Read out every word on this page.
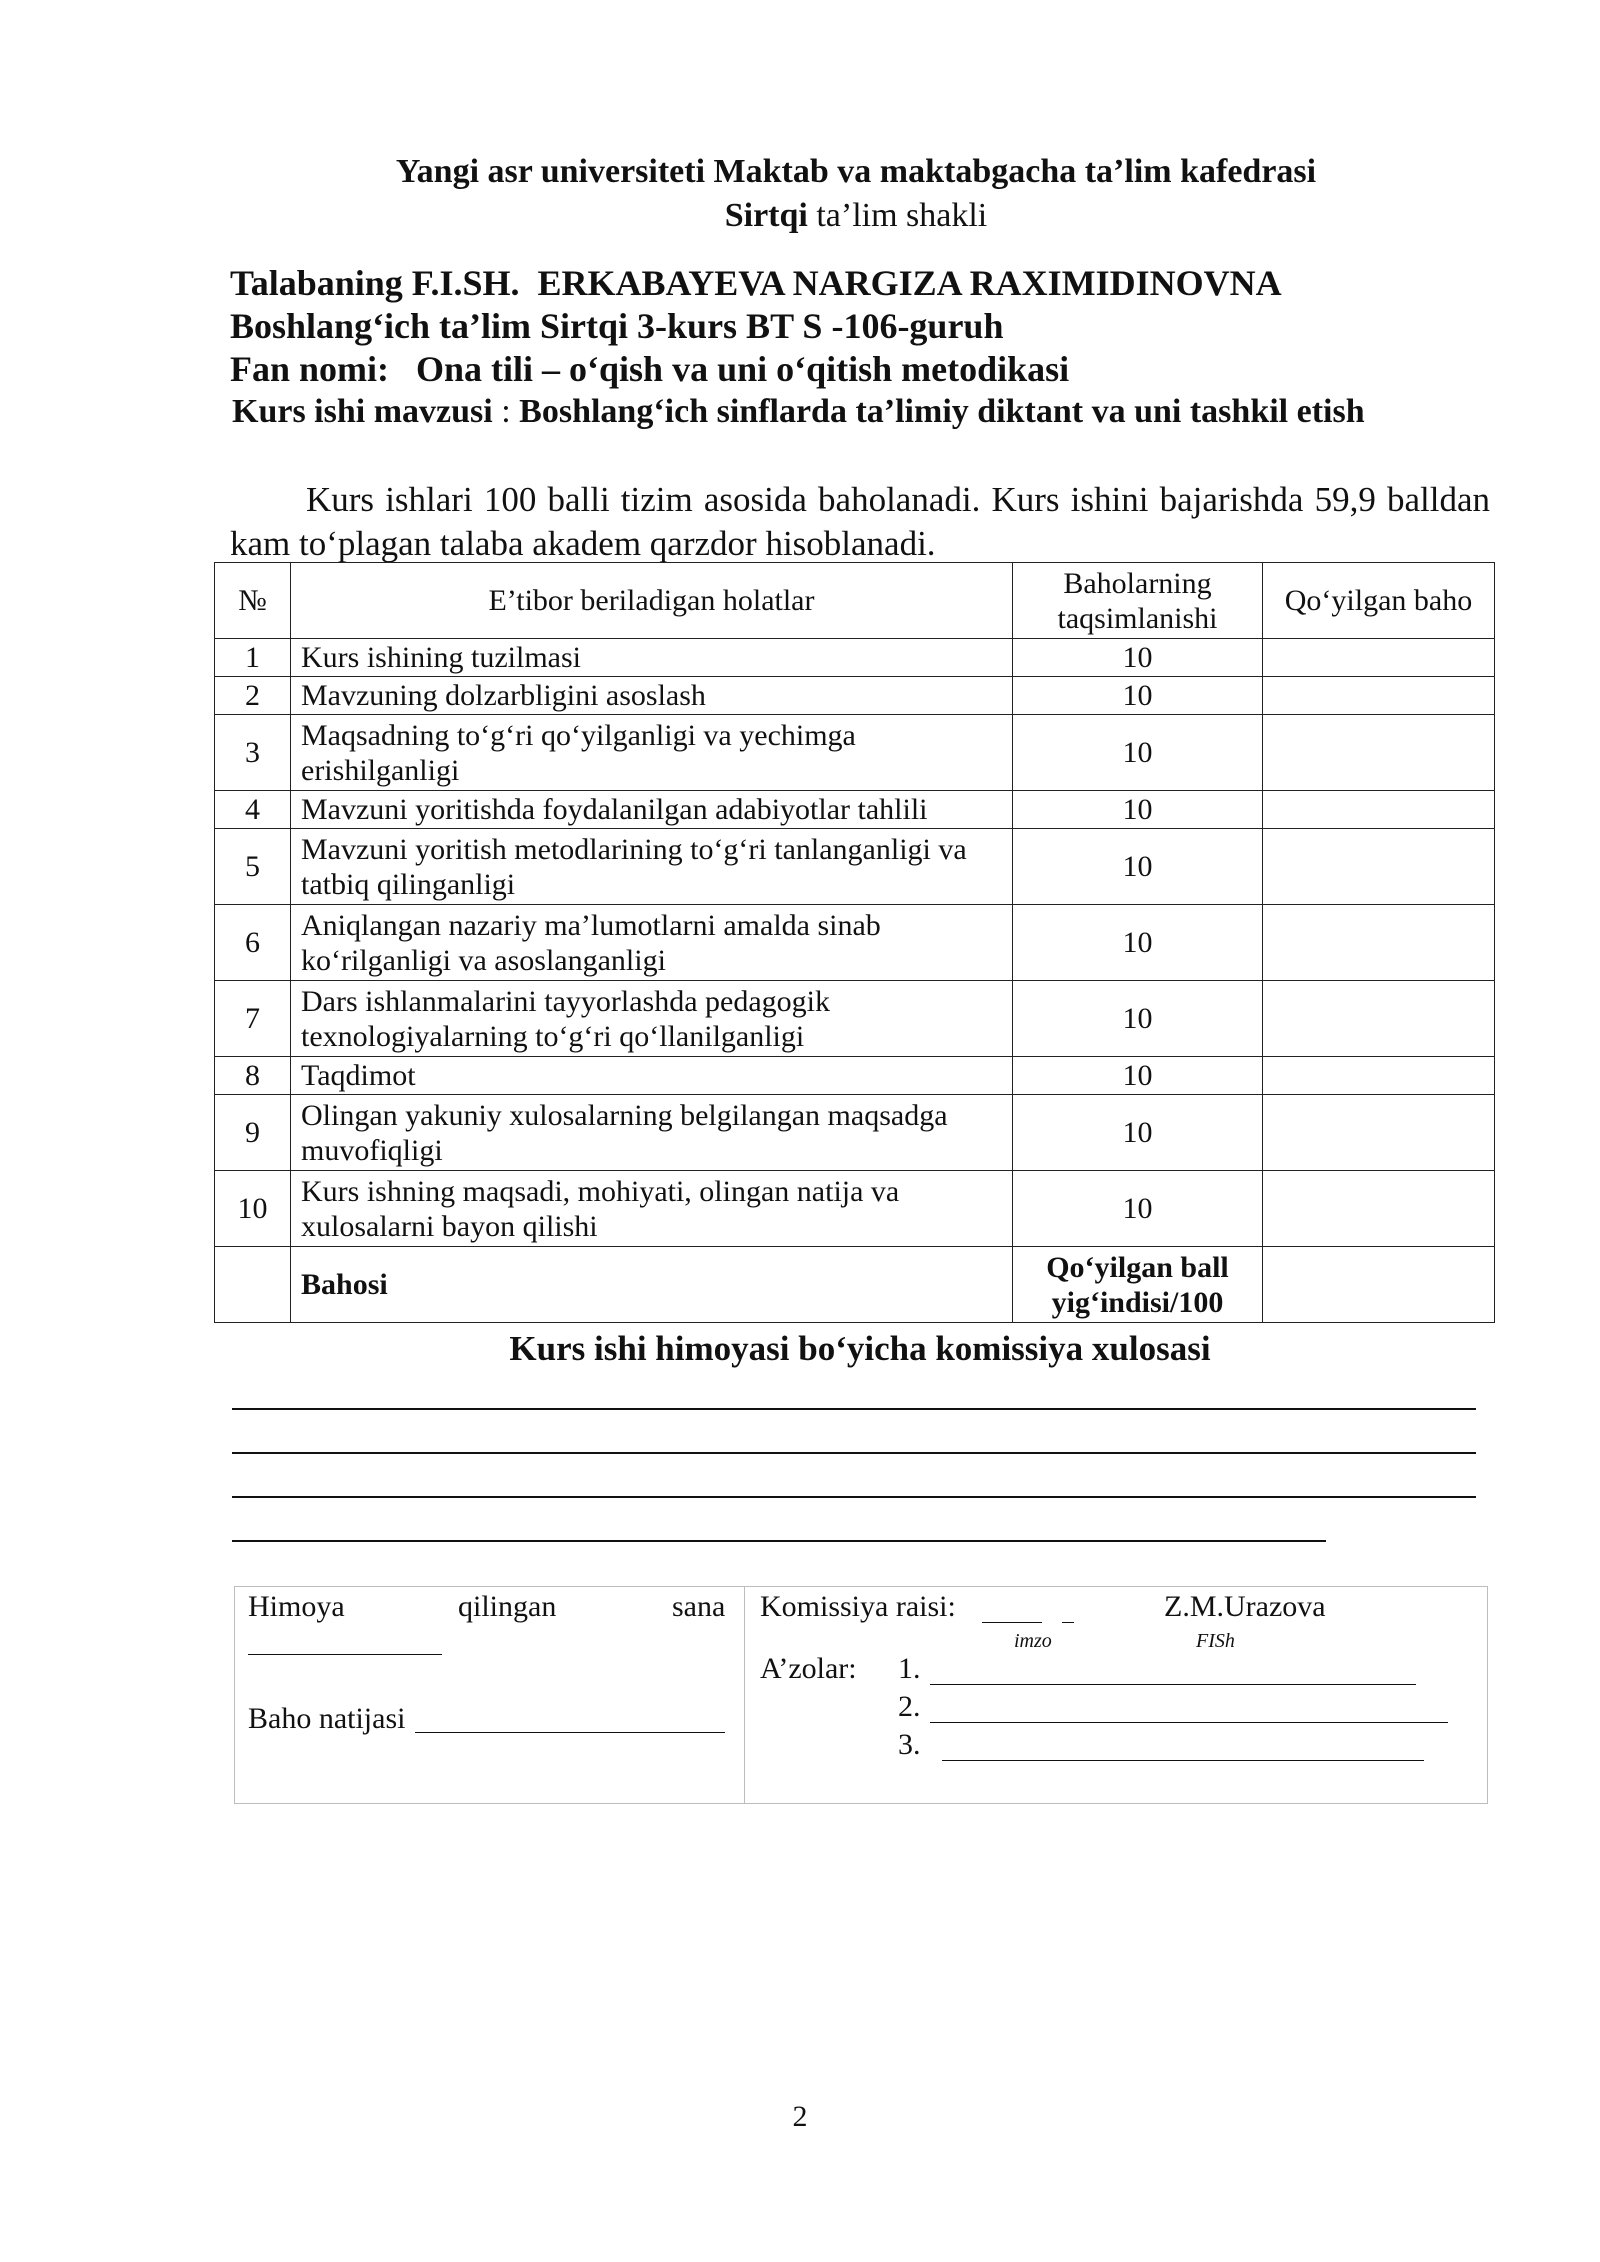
Yangi asr universiteti Maktab va maktabgacha ta’lim kafedrasi
Sirtqi ta’lim shakli
Talabaning F.I.SH. ERKABAYEVA NARGIZA RAXIMIDINOVNA
Boshlang‘ich ta’lim Sirtqi 3-kurs BT S -106-guruh
Fan nomi: Ona tili – o‘qish va uni o‘qitish metodikasi
Kurs ishi mavzusi : Boshlang‘ich sinflarda ta’limiy diktant va uni tashkil etish

Kurs ishlari 100 balli tizim asosida baholanadi. Kurs ishini bajarishda 59,9 balldan kam to‘plagan talaba akadem qarzdor hisoblanadi.

№	E’tibor beriladigan holatlar	Baholarning taqsimlanishi	Qo‘yilgan baho
1	Kurs ishining tuzilmasi	10	
2	Mavzuning dolzarbligini asoslash	10	
3	Maqsadning to‘g‘ri qo‘yilganligi va yechimga erishilganligi	10	
4	Mavzuni yoritishda foydalanilgan adabiyotlar tahlili	10	
5	Mavzuni yoritish metodlarining to‘g‘ri tanlanganligi va tatbiq qilinganligi	10	
6	Aniqlangan nazariy ma’lumotlarni amalda sinab ko‘rilganligi va asoslanganligi	10	
7	Dars ishlanmalarini tayyorlashda pedagogik texnologiyalarning to‘g‘ri qo‘llanilganligi	10	
8	Taqdimot	10	
9	Olingan yakuniy xulosalarning belgilangan maqsadga muvofiqligi	10	
10	Kurs ishning maqsadi, mohiyati, olingan natija va xulosalarni bayon qilishi	10	
	Bahosi	Qo‘yilgan ball yig‘indisi/100	
Kurs ishi himoyasi bo‘yicha komissiya xulosasi
Himoya	qilingan	sana
Baho natijasi
Komissiya raisi:	Z.M.Urazova
imzo	FISh
A’zolar: 1.
2.
3.
2
